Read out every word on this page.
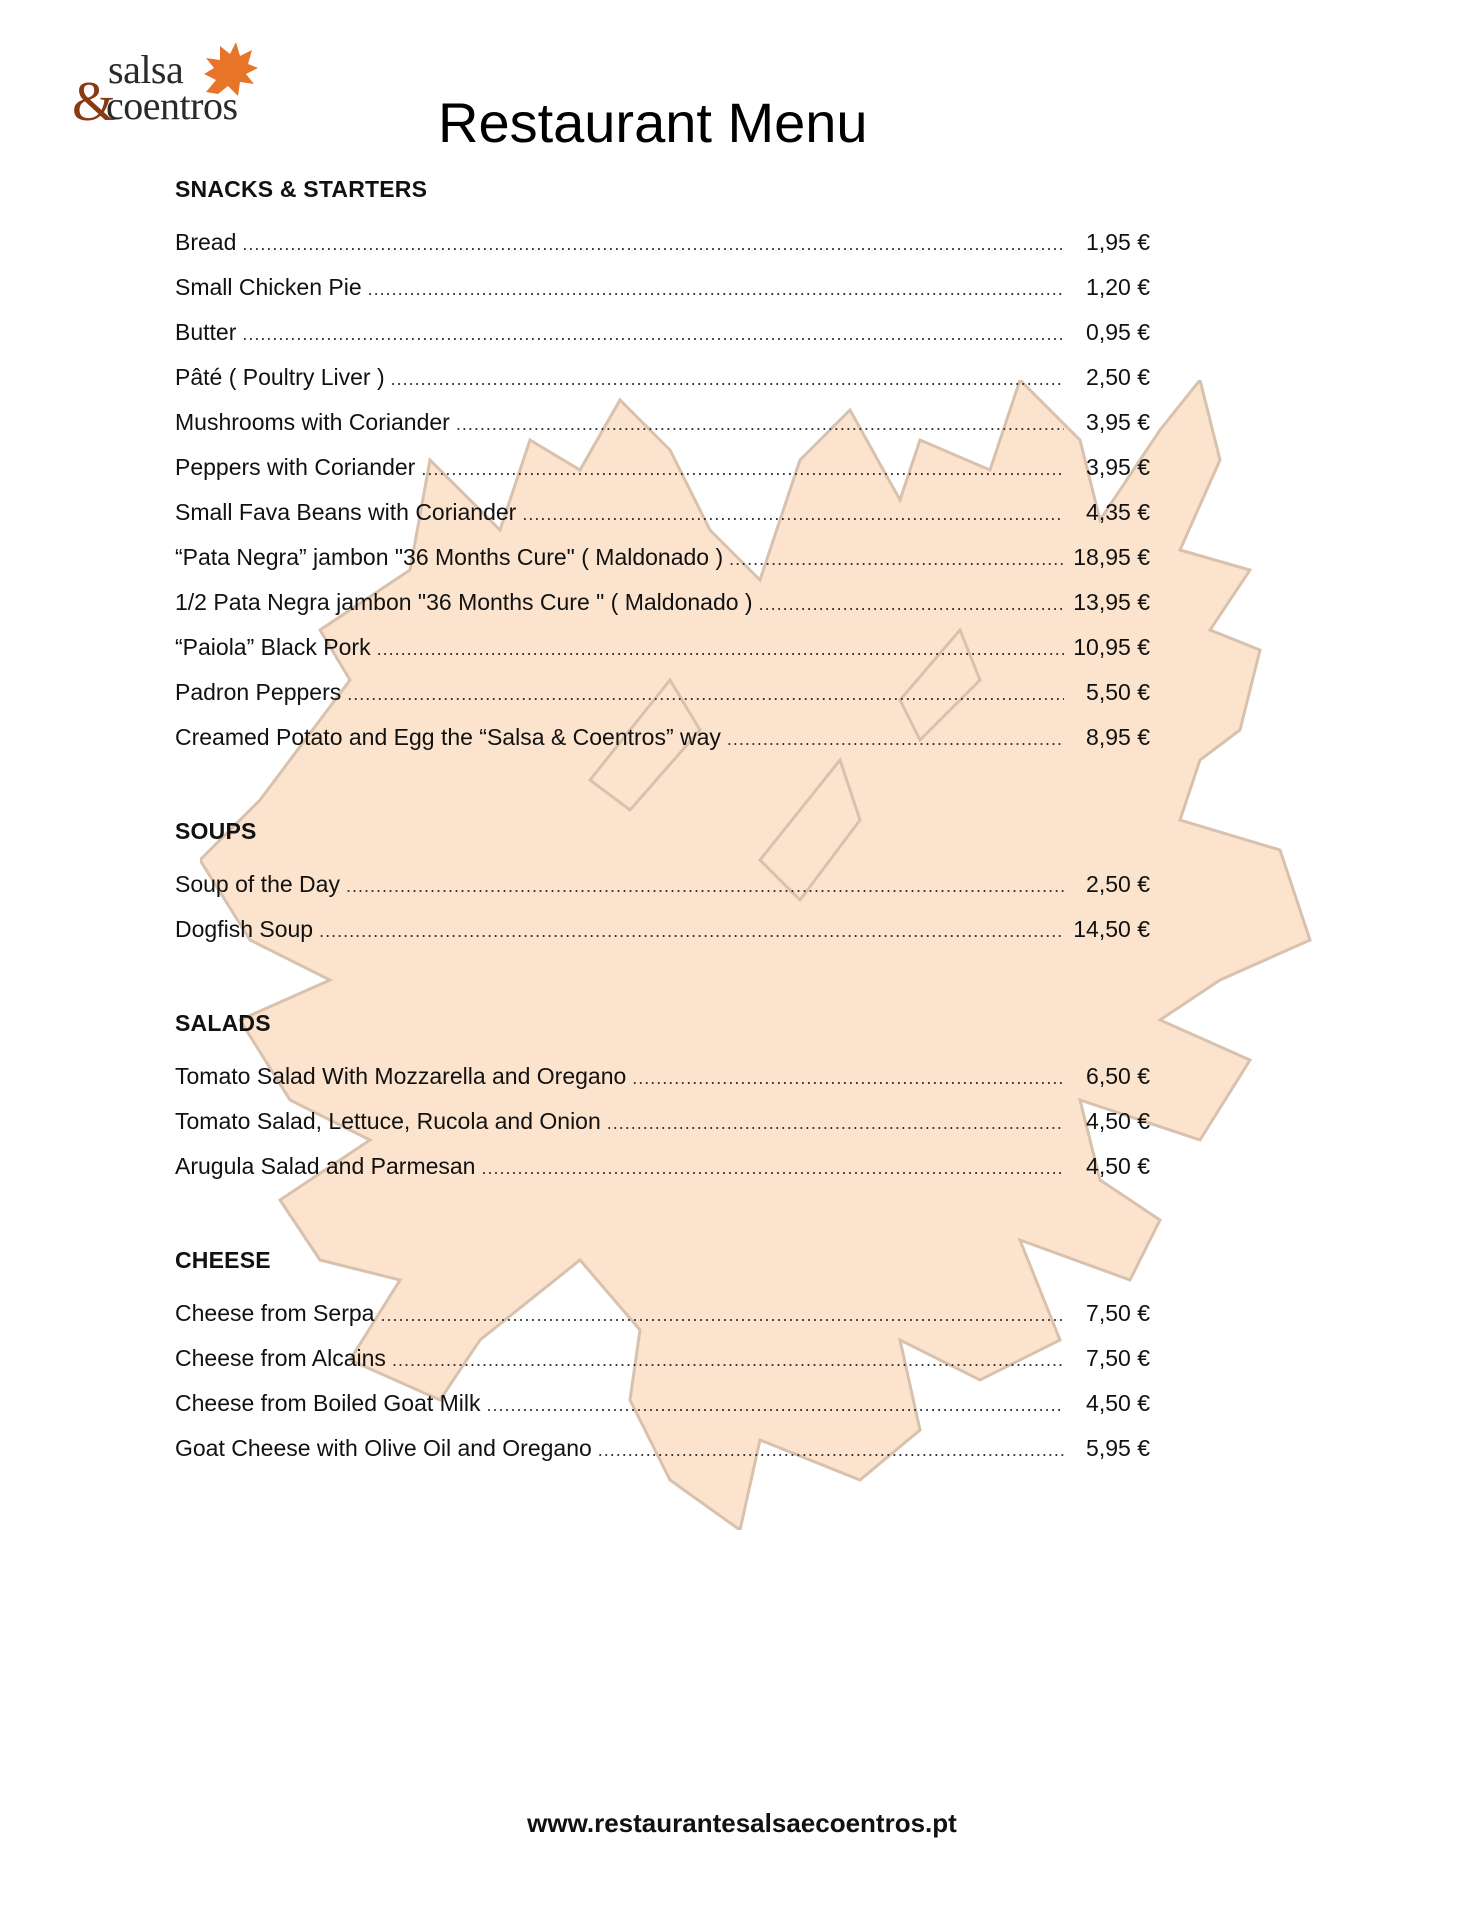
salsa
&
coentros	Restaurant Menu
SNACKS & STARTERS
Bread .....	1,95 €
Small Chicken Pie .....	1,20 €
Butter .....	0,95 €
Pâté ( Poultry Liver ) .....	2,50 €
Mushrooms with Coriander .....	3,95 €
Peppers with Coriander .....	3,95 €
Small Fava Beans with Coriander .....	4,35 €
“Pata Negra” jambon "36 Months Cure" ( Maldonado ) .....	18,95 €
1/2 Pata Negra jambon "36 Months Cure " ( Maldonado ) .....	13,95 €
“Paiola” Black Pork .....	10,95 €
Padron Peppers .....	5,50 €
Creamed Potato and Egg the “Salsa & Coentros” way .....	8,95 €
SOUPS
Soup of the Day .....	2,50 €
Dogfish Soup .....	14,50 €
SALADS
Tomato Salad With Mozzarella and Oregano .....	6,50 €
Tomato Salad, Lettuce, Rucola and Onion .....	4,50 €
Arugula Salad and Parmesan .....	4,50 €
CHEESE
Cheese from Serpa .....	7,50 €
Cheese from Alcains .....	7,50 €
Cheese from Boiled Goat Milk .....	4,50 €
Goat Cheese with Olive Oil and Oregano .....	5,95 €
www.restaurantesalsaecoentros.pt
